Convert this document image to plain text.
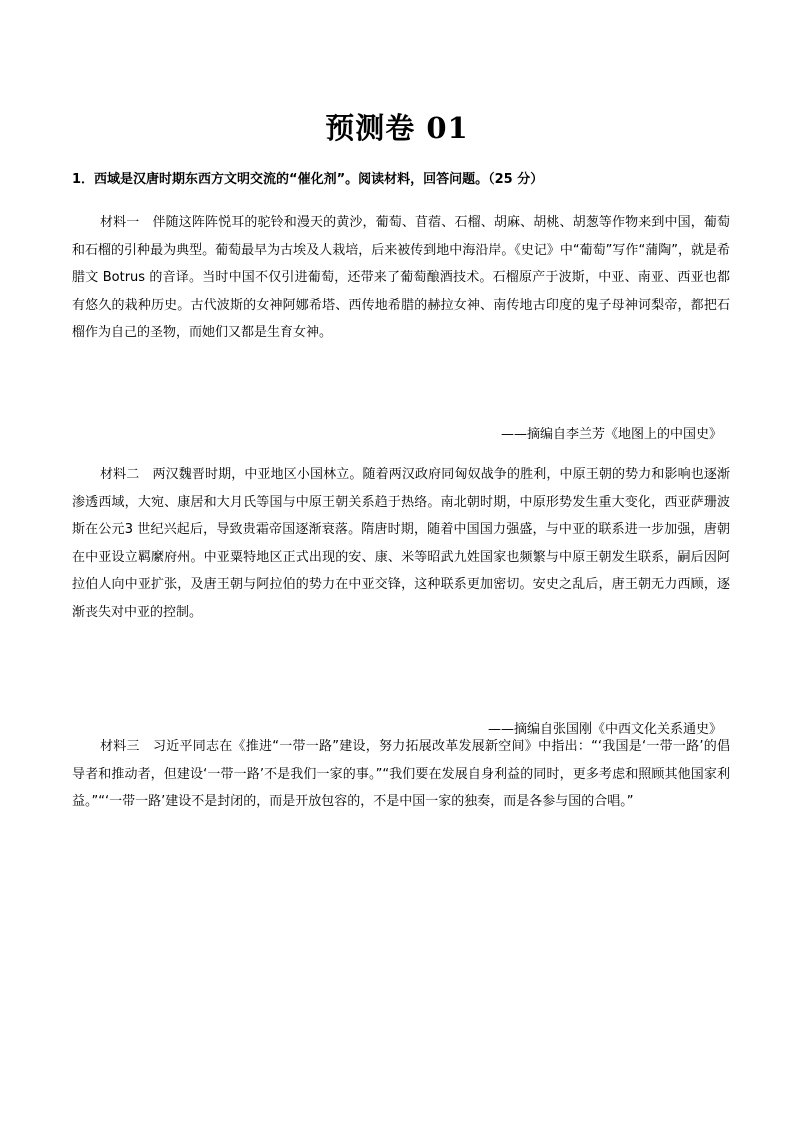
预测卷 01
1．西域是汉唐时期东西方文明交流的“催化剂”。阅读材料，回答问题。（25 分）
材料一　伴随这阵阵悦耳的驼铃和漫天的黄沙，葡萄、苜蓿、石榴、胡麻、胡桃、胡葱等作物来到中国，葡萄和石榴的引种最为典型。葡萄最早为古埃及人栽培，后来被传到地中海沿岸。《史记》中“葡萄”写作“蒲陶”，就是希腊文 Botrus 的音译。当时中国不仅引进葡萄，还带来了葡萄酿酒技术。石榴原产于波斯，中亚、南亚、西亚也都有悠久的栽种历史。古代波斯的女神阿娜希塔、西传地希腊的赫拉女神、南传地古印度的鬼子母神诃梨帝，都把石榴作为自己的圣物，而她们又都是生育女神。
——摘编自李兰芳《地图上的中国史》
材料二　两汉魏晋时期，中亚地区小国林立。随着两汉政府同匈奴战争的胜利，中原王朝的势力和影响也逐渐渗透西域，大宛、康居和大月氏等国与中原王朝关系趋于热络。南北朝时期，中原形势发生重大变化，西亚萨珊波斯在公元3 世纪兴起后，导致贵霜帝国逐渐衰落。隋唐时期，随着中国国力强盛，与中亚的联系进一步加强，唐朝在中亚设立羁縻府州。中亚粟特地区正式出现的安、康、米等昭武九姓国家也频繁与中原王朝发生联系，嗣后因阿拉伯人向中亚扩张，及唐王朝与阿拉伯的势力在中亚交锋，这种联系更加密切。安史之乱后，唐王朝无力西顾，逐渐丧失对中亚的控制。
——摘编自张国刚《中西文化关系通史》
材料三　习近平同志在《推进“一带一路”建设，努力拓展改革发展新空间》中指出：“‘我国是‘一带一路’的倡导者和推动者，但建设‘一带一路’不是我们一家的事。”“我们要在发展自身利益的同时，更多考虑和照顾其他国家利益。”“‘一带一路’建设不是封闭的，而是开放包容的，不是中国一家的独奏，而是各参与国的合唱。”
